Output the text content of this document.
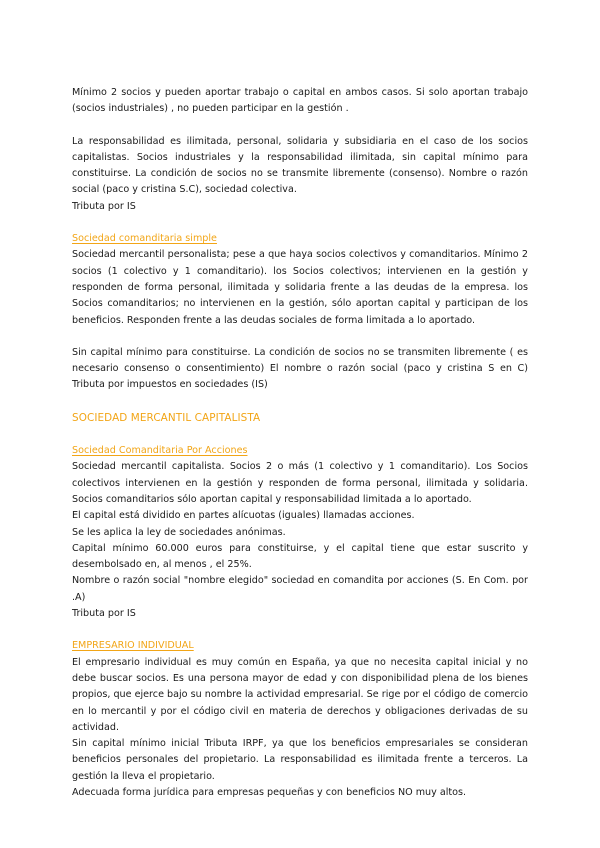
Mínimo 2 socios y pueden aportar trabajo o capital en ambos casos. Si solo aportan trabajo (socios industriales) , no pueden participar en la gestión .

La responsabilidad es ilimitada, personal, solidaria y subsidiaria en el caso de los socios capitalistas. Socios industriales y la responsabilidad ilimitada, sin capital mínimo para constituirse. La condición de socios no se transmite libremente (consenso). Nombre o razón social (paco y cristina S.C), sociedad colectiva.

Tributa por IS

Sociedad comanditaria simple

Sociedad mercantil personalista; pese a que haya socios colectivos y comanditarios. Mínimo 2 socios (1 colectivo y 1 comanditario). los Socios colectivos; intervienen en la gestión y responden de forma personal, ilimitada y solidaria frente a las deudas de la empresa. los Socios comanditarios; no intervienen en la gestión, sólo aportan capital y participan de los beneficios. Responden frente a las deudas sociales de forma limitada a lo aportado.

Sin capital mínimo para constituirse. La condición de socios no se transmiten libremente ( es necesario consenso o consentimiento) El nombre o razón social (paco y cristina S en C) Tributa por impuestos en sociedades (IS)

SOCIEDAD MERCANTIL CAPITALISTA

Sociedad Comanditaria Por Acciones

Sociedad mercantil capitalista. Socios 2 o más (1 colectivo y 1 comanditario). Los Socios colectivos intervienen en la gestión y responden de forma personal, ilimitada y solidaria. Socios comanditarios sólo aportan capital y responsabilidad limitada a lo aportado.

El capital está dividido en partes alícuotas (iguales) llamadas acciones.

Se les aplica la ley de sociedades anónimas.

Capital mínimo 60.000 euros para constituirse, y el capital tiene que estar suscrito y desembolsado en, al menos , el 25%.

Nombre o razón social "nombre elegido" sociedad en comandita por acciones (S. En Com. por .A)

Tributa por IS

EMPRESARIO INDIVIDUAL

El empresario individual es muy común en España, ya que no necesita capital inicial y no debe buscar socios. Es una persona mayor de edad y con disponibilidad plena de los bienes propios, que ejerce bajo su nombre la actividad empresarial. Se rige por el código de comercio en lo mercantil y por el código civil en materia de derechos y obligaciones derivadas de su actividad.

Sin capital mínimo inicial Tributa IRPF, ya que los beneficios empresariales se consideran beneficios personales del propietario. La responsabilidad es ilimitada frente a terceros. La gestión la lleva el propietario.

Adecuada forma jurídica para empresas pequeñas y con beneficios NO muy altos.
